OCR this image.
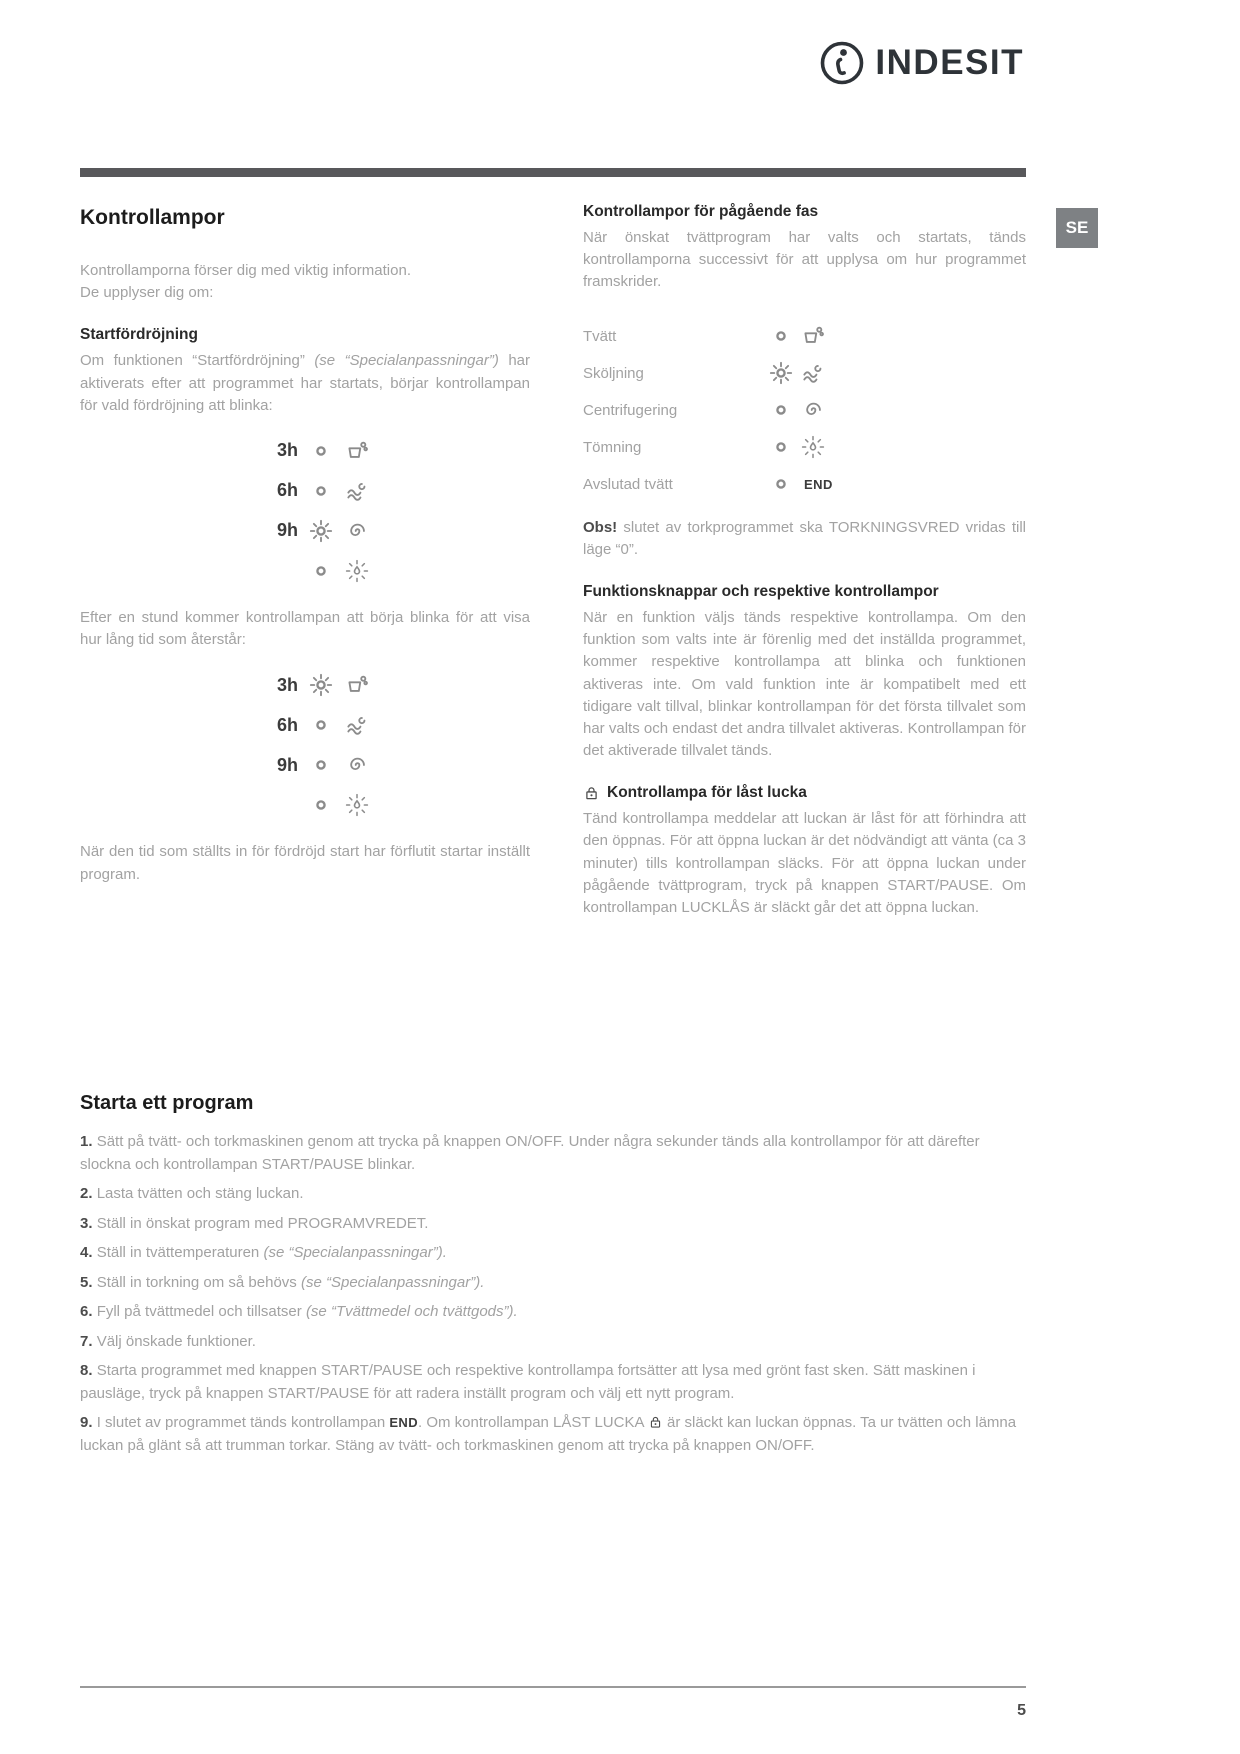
INDESIT
SE
Kontrollampor

Kontrollamporna förser dig med viktig information.
De upplyser dig om:

Startfördröjning

Om funktionen “Startfördröjning” (se “Specialanpassningar”) har aktiverats efter att programmet har startats, börjar kontrollampan för vald fördröjning att blinka:

3h
6h
9h

Efter en stund kommer kontrollampan att börja blinka för att visa hur lång tid som återstår:

3h
6h
9h

När den tid som ställts in för fördröjd start har förflutit startar inställt program.

Kontrollampor för pågående fas

När önskat tvättprogram har valts och startats, tänds kontrollamporna successivt för att upplysa om hur programmet framskrider.

Tvätt
Sköljning
Centrifugering
Tömning
Avslutad tvätt	END

Obs! slutet av torkprogrammet ska TORKNINGSVRED vridas till läge “0”.

Funktionsknappar och respektive kontrollampor

När en funktion väljs tänds respektive kontrollampa. Om den funktion som valts inte är förenlig med det inställda programmet, kommer respektive kontrollampa att blinka och funktionen aktiveras inte. Om vald funktion inte är kompatibelt med ett tidigare valt tillval, blinkar kontrollampan för det första tillvalet som har valts och endast det andra tillvalet aktiveras. Kontrollampan för det aktiverade tillvalet tänds.

Kontrollampa för låst lucka

Tänd kontrollampa meddelar att luckan är låst för att förhindra att den öppnas. För att öppna luckan är det nödvändigt att vänta (ca 3 minuter) tills kontrollampan släcks. För att öppna luckan under pågående tvättprogram, tryck på knappen START/PAUSE. Om kontrollampan LUCKLÅS är släckt går det att öppna luckan.

Starta ett program
1. Sätt på tvätt- och torkmaskinen genom att trycka på knappen ON/OFF. Under några sekunder tänds alla kontrollampor för att därefter slockna och kontrollampan START/PAUSE blinkar.
2. Lasta tvätten och stäng luckan.
3. Ställ in önskat program med PROGRAMVREDET.
4. Ställ in tvättemperaturen (se “Specialanpassningar”).
5. Ställ in torkning om så behövs (se “Specialanpassningar”).
6. Fyll på tvättmedel och tillsatser (se “Tvättmedel och tvättgods”).
7. Välj önskade funktioner.
8. Starta programmet med knappen START/PAUSE och respektive kontrollampa fortsätter att lysa med grönt fast sken. Sätt maskinen i pausläge, tryck på knappen START/PAUSE för att radera inställt program och välj ett nytt program.
9. I slutet av programmet tänds kontrollampan END. Om kontrollampan LÅST LUCKA är släckt kan luckan öppnas. Ta ur tvätten och lämna luckan på glänt så att trumman torkar. Stäng av tvätt- och torkmaskinen genom att trycka på knappen ON/OFF.
5
